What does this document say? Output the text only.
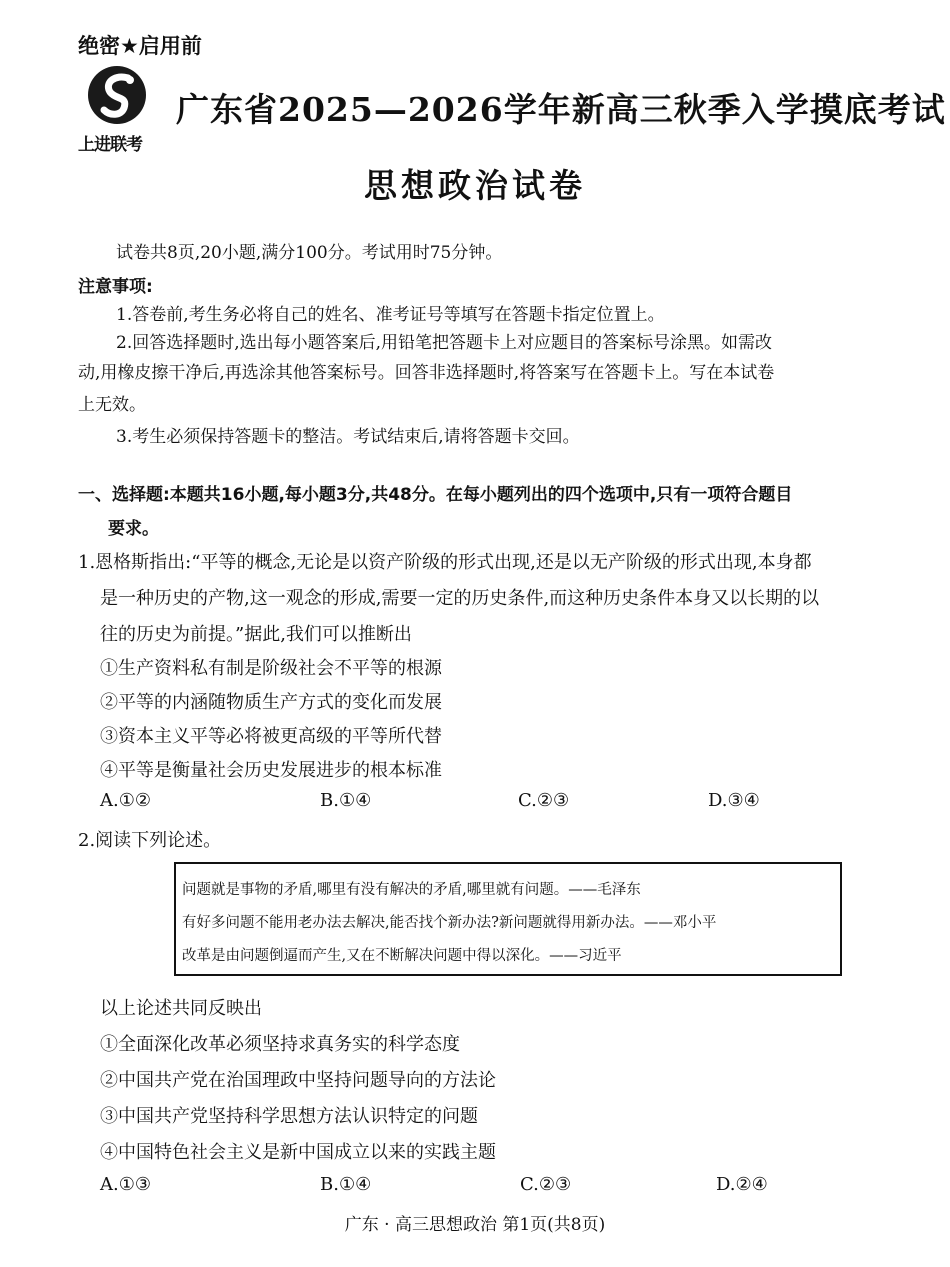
绝密★启用前
上进联考
广东省2025—2026学年新高三秋季入学摸底考试
思想政治试卷
试卷共8页,20小题,满分100分。考试用时75分钟。
注意事项:
1.答卷前,考生务必将自己的姓名、准考证号等填写在答题卡指定位置上。
2.回答选择题时,选出每小题答案后,用铅笔把答题卡上对应题目的答案标号涂黑。如需改
动,用橡皮擦干净后,再选涂其他答案标号。回答非选择题时,将答案写在答题卡上。写在本试卷
上无效。
3.考生必须保持答题卡的整洁。考试结束后,请将答题卡交回。
一、选择题:本题共16小题,每小题3分,共48分。在每小题列出的四个选项中,只有一项符合题目
要求。
1.恩格斯指出:“平等的概念,无论是以资产阶级的形式出现,还是以无产阶级的形式出现,本身都
是一种历史的产物,这一观念的形成,需要一定的历史条件,而这种历史条件本身又以长期的以
往的历史为前提。”据此,我们可以推断出
①生产资料私有制是阶级社会不平等的根源
②平等的内涵随物质生产方式的变化而发展
③资本主义平等必将被更高级的平等所代替
④平等是衡量社会历史发展进步的根本标准
A.①②	B.①④	C.②③	D.③④
2.阅读下列论述。
问题就是事物的矛盾,哪里有没有解决的矛盾,哪里就有问题。——毛泽东
有好多问题不能用老办法去解决,能否找个新办法?新问题就得用新办法。——邓小平
改革是由问题倒逼而产生,又在不断解决问题中得以深化。——习近平
以上论述共同反映出
①全面深化改革必须坚持求真务实的科学态度
②中国共产党在治国理政中坚持问题导向的方法论
③中国共产党坚持科学思想方法认识特定的问题
④中国特色社会主义是新中国成立以来的实践主题
A.①③	B.①④	C.②③	D.②④
广东 · 高三思想政治 第1页(共8页)
